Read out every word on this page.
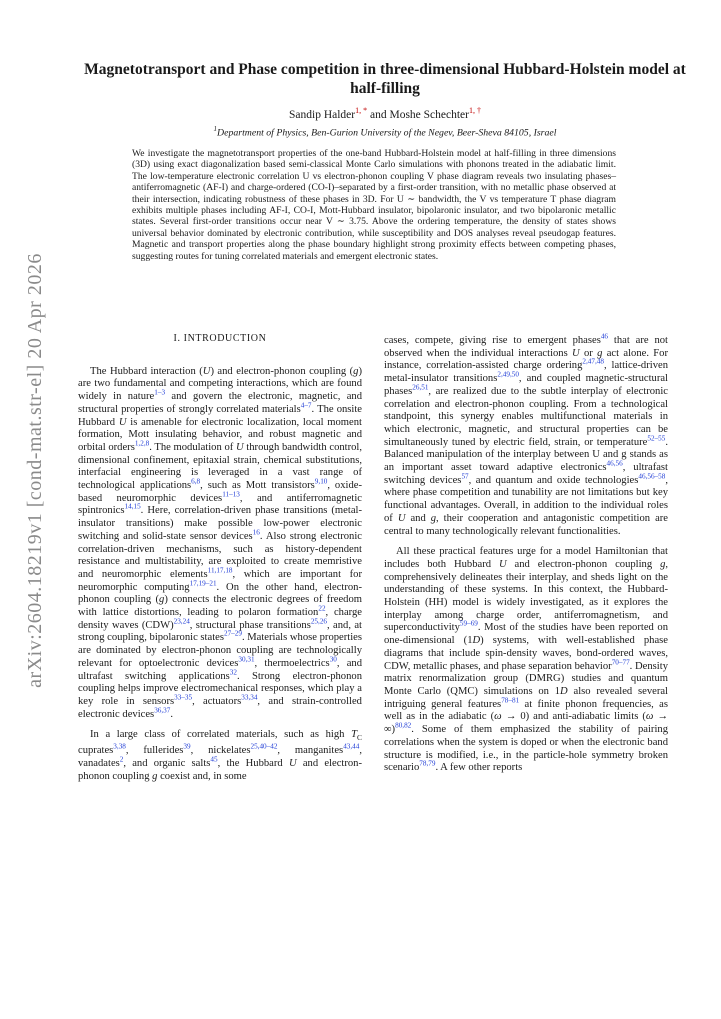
arXiv:2604.18219v1 [cond-mat.str-el] 20 Apr 2026
Magnetotransport and Phase competition in three-dimensional Hubbard-Holstein model at half-filling
Sandip Halder$^{1, *}$ and Moshe Schechter$^{1, \dagger}$
$^1$Department of Physics, Ben-Gurion University of the Negev, Beer-Sheva 84105, Israel
We investigate the magnetotransport properties of the one-band Hubbard-Holstein model at half-filling in three dimensions (3D) using exact diagonalization based semi-classical Monte Carlo simulations with phonons treated in the adiabatic limit. The low-temperature electronic correlation U vs electron-phonon coupling V phase diagram reveals two insulating phases–antiferromagnetic (AF-I) and charge-ordered (CO-I)–separated by a first-order transition, with no metallic phase observed at their intersection, indicating robustness of these phases in 3D. For U ∼ bandwidth, the V vs temperature T phase diagram exhibits multiple phases including AF-I, CO-I, Mott-Hubbard insulator, bipolaronic insulator, and two bipolaronic metallic states. Several first-order transitions occur near V ∼ 3.75. Above the ordering temperature, the density of states shows universal behavior dominated by electronic contribution, while susceptibility and DOS analyses reveal pseudogap features. Magnetic and transport properties along the phase boundary highlight strong proximity effects between competing phases, suggesting routes for tuning correlated materials and emergent electronic states.
I. INTRODUCTION

The Hubbard interaction (U) and electron-phonon coupling (g) are two fundamental and competing interactions, which are found widely in nature$^{1-3}$ and govern the electronic, magnetic, and structural properties of strongly correlated materials$^{4-7}$. The onsite Hubbard U is amenable for electronic localization, local moment formation, Mott insulating behavior, and robust magnetic and orbital orders$^{1,2,8}$. The modulation of U through bandwidth control, dimensional confinement, epitaxial strain, chemical substitutions, interfacial engineering is leveraged in a vast range of technological applications$^{6,8}$, such as Mott transistors$^{9,10}$, oxide-based neuromorphic devices$^{11-13}$, and antiferromagnetic spintronics$^{14,15}$. Here, correlation-driven phase transitions (metal-insulator transitions) make possible low-power electronic switching and solid-state sensor devices$^{16}$. Also strong electronic correlation-driven mechanisms, such as history-dependent resistance and multistability, are exploited to create memristive and neuromorphic elements$^{11,17,18}$, which are important for neuromorphic computing$^{17,19-21}$. On the other hand, electron-phonon coupling (g) connects the electronic degrees of freedom with lattice distortions, leading to polaron formation$^{22}$, charge density waves (CDW)$^{23,24}$, structural phase transitions$^{25,26}$, and, at strong coupling, bipolaronic states$^{27-29}$. Materials whose properties are dominated by electron-phonon coupling are technologically relevant for optoelectronic devices$^{30,31}$, thermoelectrics$^{30}$, and ultrafast switching applications$^{32}$. Strong electron-phonon coupling helps improve electromechanical responses, which play a key role in sensors$^{33-35}$, actuators$^{33,34}$, and strain-controlled electronic devices$^{36,37}$.

In a large class of correlated materials, such as high $T_C$ cuprates$^{3,38}$, fullerides$^{39}$, nickelates$^{25,40-42}$, manganites$^{43,44}$, vanadates$^2$, and organic salts$^{45}$, the Hubbard U and electron-phonon coupling g coexist and, in some

cases, compete, giving rise to emergent phases$^{46}$ that are not observed when the individual interactions U or g act alone. For instance, correlation-assisted charge ordering$^{2,47,48}$, lattice-driven metal-insulator transitions$^{2,49,50}$, and coupled magnetic-structural phases$^{26,51}$, are realized due to the subtle interplay of electronic correlation and electron-phonon coupling. From a technological standpoint, this synergy enables multifunctional materials in which electronic, magnetic, and structural properties can be simultaneously tuned by electric field, strain, or temperature$^{52-55}$. Balanced manipulation of the interplay between U and g stands as an important asset toward adaptive electronics$^{46,56}$, ultrafast switching devices$^{57}$, and quantum and oxide technologies$^{46,56-58}$, where phase competition and tunability are not limitations but key functional advantages. Overall, in addition to the individual roles of U and g, their cooperation and antagonistic competition are central to many technologically relevant functionalities.

All these practical features urge for a model Hamiltonian that includes both Hubbard U and electron-phonon coupling g, comprehensively delineates their interplay, and sheds light on the understanding of these systems. In this context, the Hubbard-Holstein (HH) model is widely investigated, as it explores the interplay among charge order, antiferromagnetism, and superconductivity$^{59-69}$. Most of the studies have been reported on one-dimensional (1D) systems, with well-established phase diagrams that include spin-density waves, bond-ordered waves, CDW, metallic phases, and phase separation behavior$^{70-77}$. Density matrix renormalization group (DMRG) studies and quantum Monte Carlo (QMC) simulations on 1D also revealed several intriguing general features$^{78-81}$ at finite phonon frequencies, as well as in the adiabatic (ω → 0) and anti-adiabatic limits (ω → ∞)$^{80,82}$. Some of them emphasized the stability of pairing correlations when the system is doped or when the electronic band structure is modified, i.e., in the particle-hole symmetry broken scenario$^{78,79}$. A few other reports
